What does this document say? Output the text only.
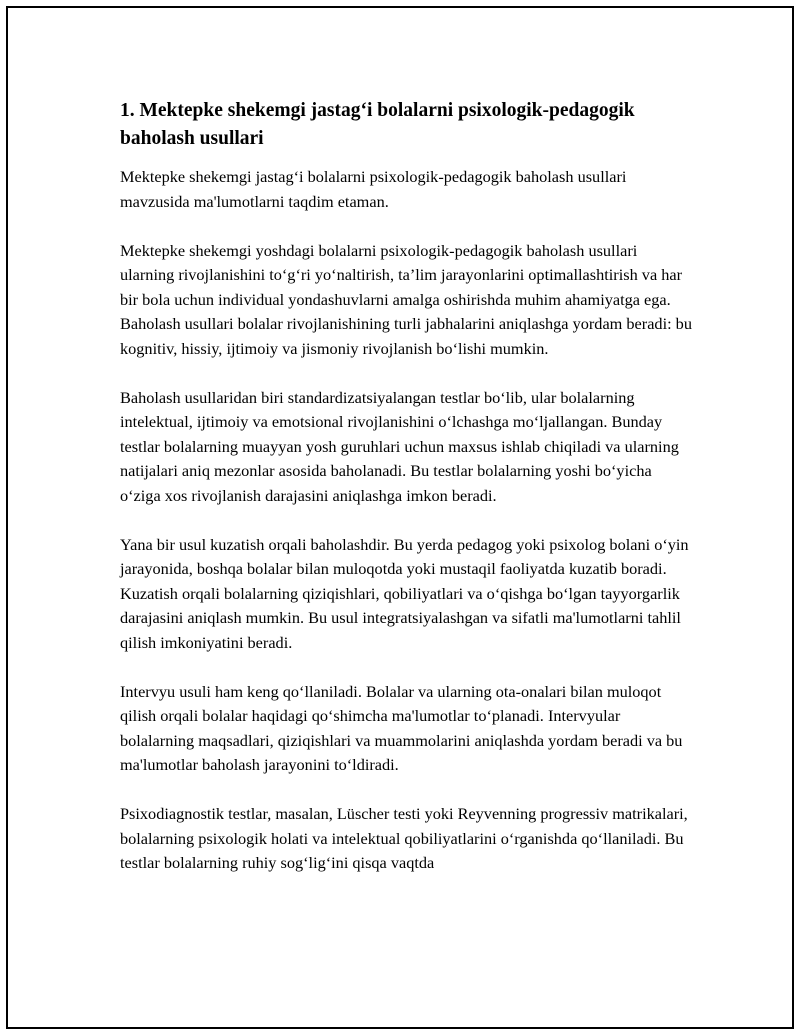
1. Mektepke shekemgi jastag‘i bolalarni psixologik-pedagogik baholash usullari

Mektepke shekemgi jastag‘i bolalarni psixologik-pedagogik baholash usullari mavzusida ma'lumotlarni taqdim etaman.

Mektepke shekemgi yoshdagi bolalarni psixologik-pedagogik baholash usullari ularning rivojlanishini to‘g‘ri yo‘naltirish, ta’lim jarayonlarini optimallashtirish va har bir bola uchun individual yondashuvlarni amalga oshirishda muhim ahamiyatga ega. Baholash usullari bolalar rivojlanishining turli jabhalarini aniqlashga yordam beradi: bu kognitiv, hissiy, ijtimoiy va jismoniy rivojlanish bo‘lishi mumkin.

Baholash usullaridan biri standardizatsiyalangan testlar bo‘lib, ular bolalarning intelektual, ijtimoiy va emotsional rivojlanishini o‘lchashga mo‘ljallangan. Bunday testlar bolalarning muayyan yosh guruhlari uchun maxsus ishlab chiqiladi va ularning natijalari aniq mezonlar asosida baholanadi. Bu testlar bolalarning yoshi bo‘yicha o‘ziga xos rivojlanish darajasini aniqlashga imkon beradi.

Yana bir usul kuzatish orqali baholashdir. Bu yerda pedagog yoki psixolog bolani o‘yin jarayonida, boshqa bolalar bilan muloqotda yoki mustaqil faoliyatda kuzatib boradi. Kuzatish orqali bolalarning qiziqishlari, qobiliyatlari va o‘qishga bo‘lgan tayyorgarlik darajasini aniqlash mumkin. Bu usul integratsiyalashgan va sifatli ma'lumotlarni tahlil qilish imkoniyatini beradi.

Intervyu usuli ham keng qo‘llaniladi. Bolalar va ularning ota-onalari bilan muloqot qilish orqali bolalar haqidagi qo‘shimcha ma'lumotlar to‘planadi. Intervyular bolalarning maqsadlari, qiziqishlari va muammolarini aniqlashda yordam beradi va bu ma'lumotlar baholash jarayonini to‘ldiradi.

Psixodiagnostik testlar, masalan, Lüscher testi yoki Reyvenning progressiv matrikalari, bolalarning psixologik holati va intelektual qobiliyatlarini o‘rganishda qo‘llaniladi. Bu testlar bolalarning ruhiy sog‘lig‘ini qisqa vaqtda
